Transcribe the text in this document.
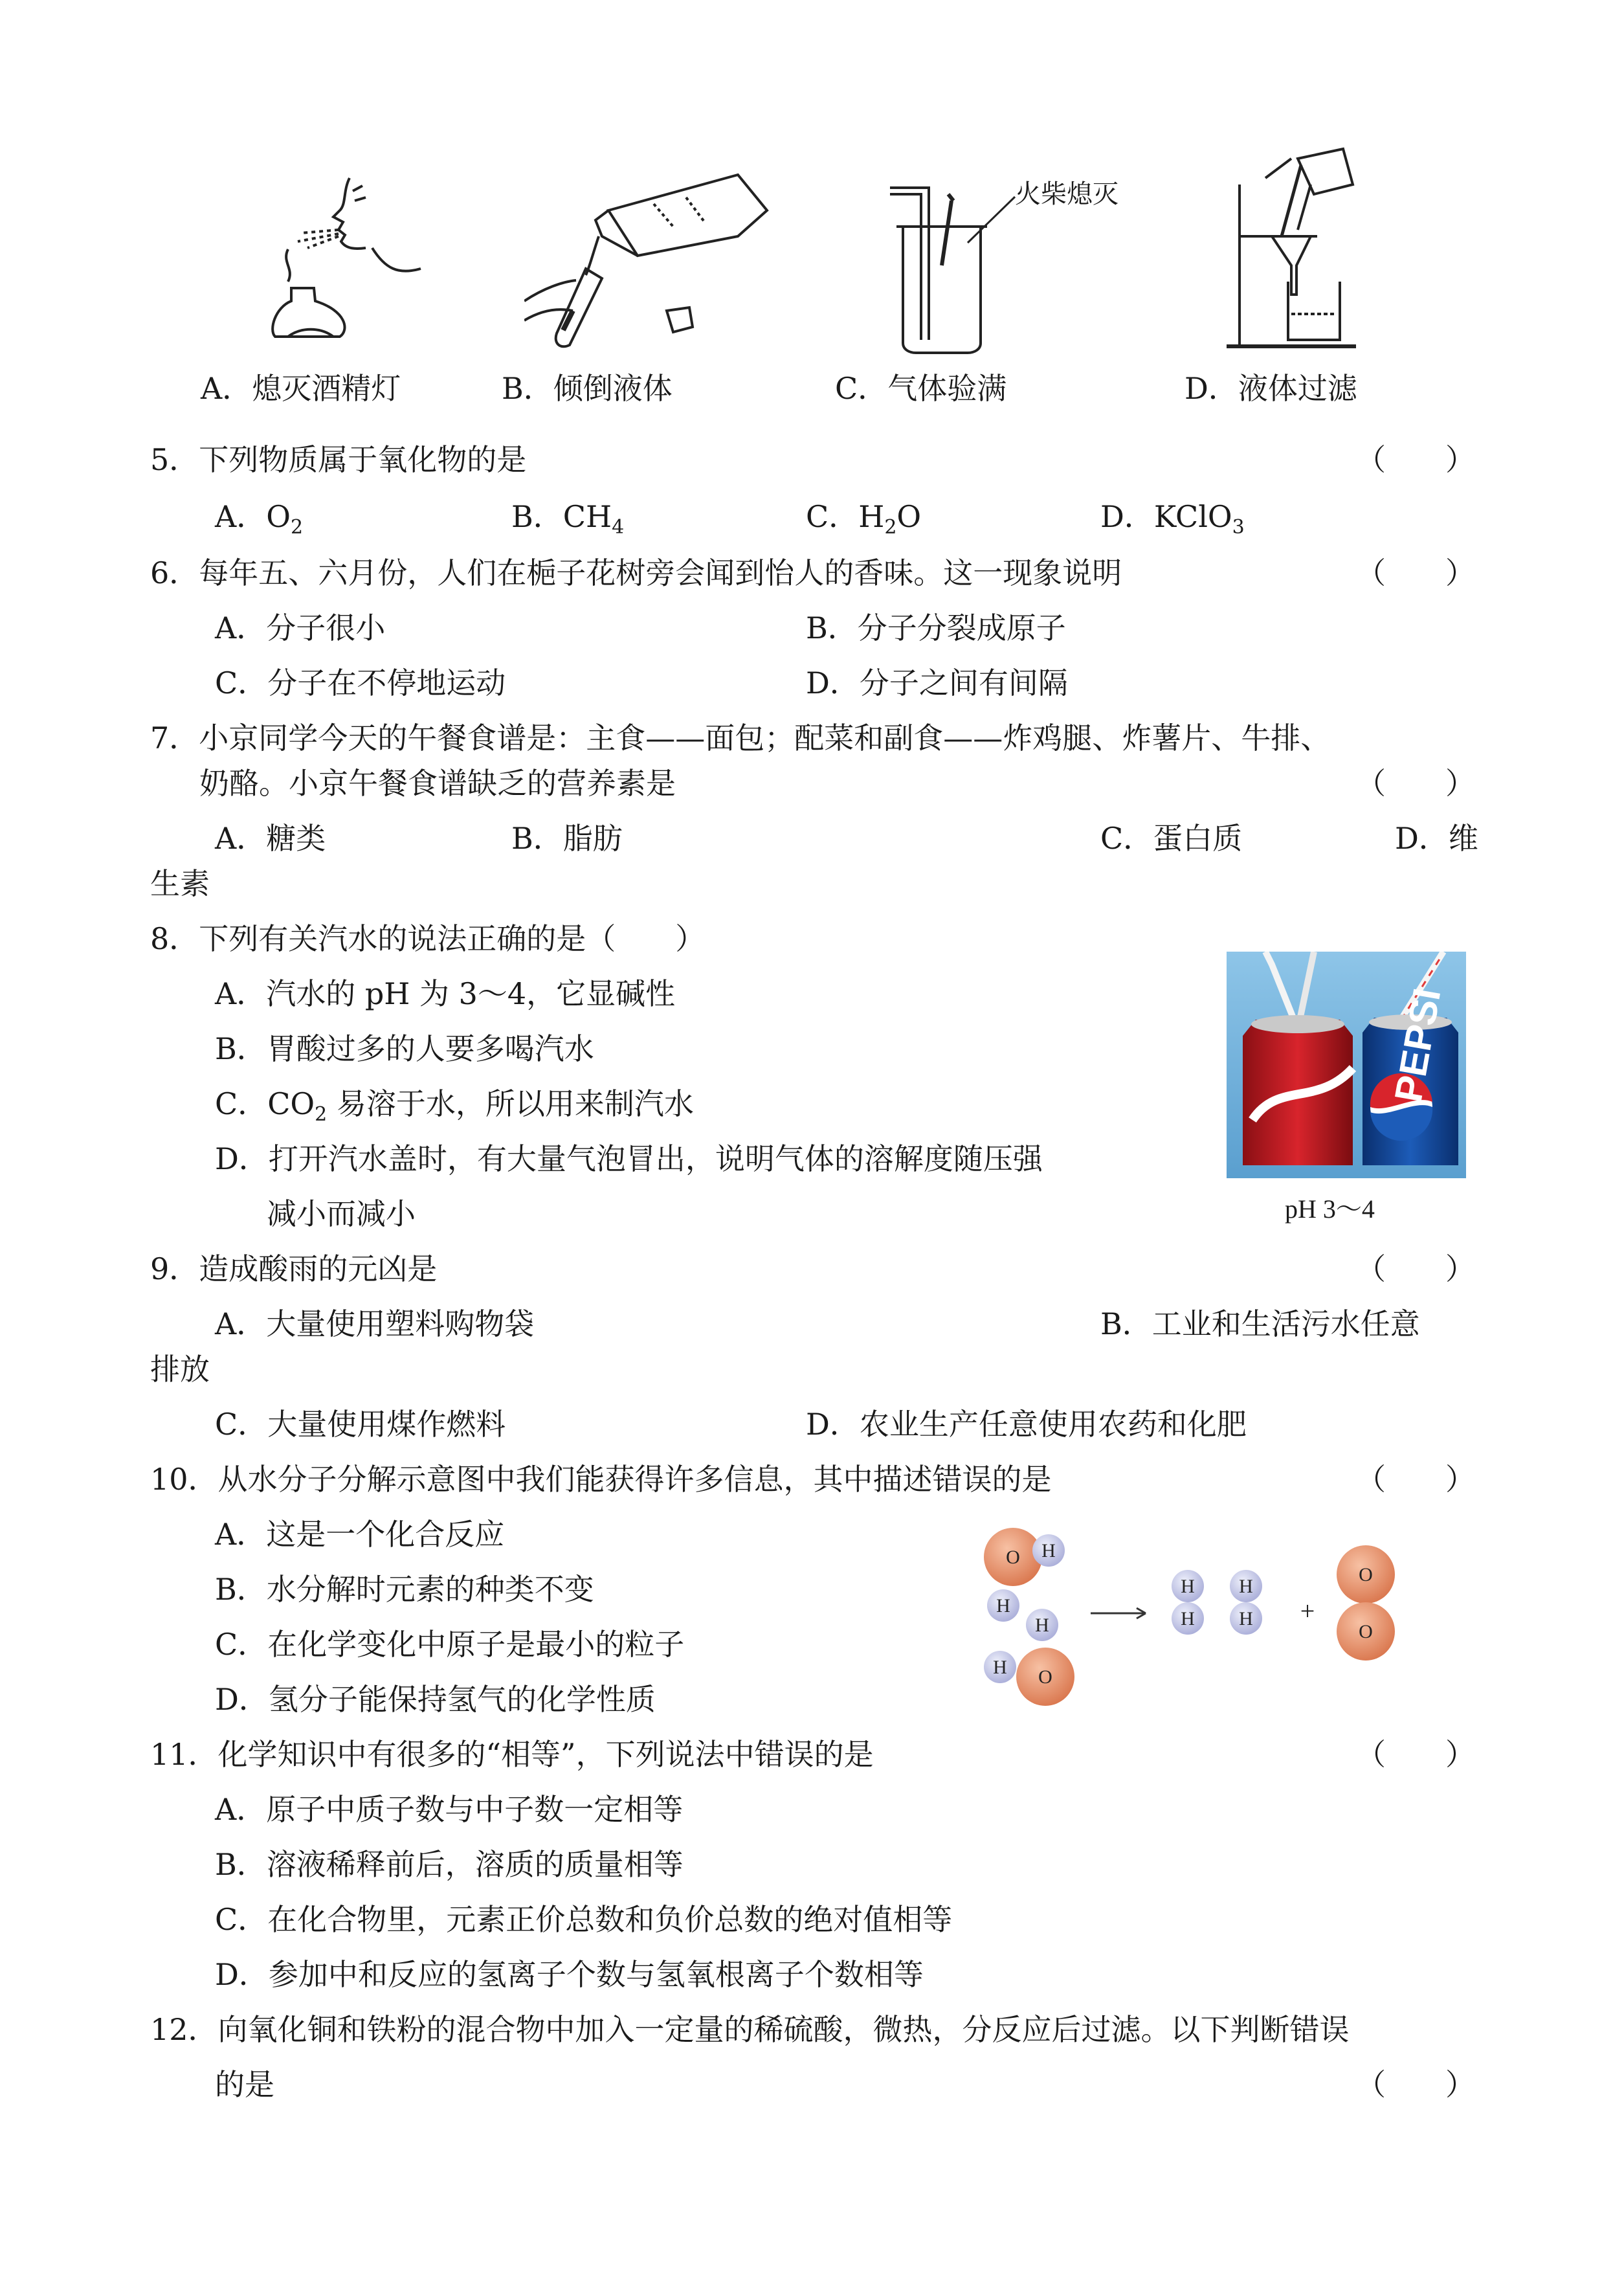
火柴熄灭
A．熄灭酒精灯	B．倾倒液体	C．气体验满	D．液体过滤
5．下列物质属于氧化物的是	（　　）
A．$O_2$	B．$CH_4$	C．$H_2O$	D．KClO$_3$
6．每年五、六月份，人们在梔子花树旁会闻到怡人的香味。这一现象说明	（　　）
A．分子很小	B．分子分裂成原子
C．分子在不停地运动	D．分子之间有间隔
7．小京同学今天的午餐食谱是：主食——面包；配菜和副食——炸鸡腿、炸薯片、牛排、
奶酪。小京午餐食谱缺乏的营养素是	（　　）
A．糖类	B．脂肪	C．蛋白质	D．维
生素
8．下列有关汽水的说法正确的是（　　）
A．汽水的 pH 为 3～4，它显碱性
B．胃酸过多的人要多喝汽水
C．$CO_2$ 易溶于水，所以用来制汽水
D．打开汽水盖时，有大量气泡冒出，说明气体的溶解度随压强
减小而减小
PEPSI
pH 3～4
9．造成酸雨的元凶是	（　　）
A．大量使用塑料购物袋	B．工业和生活污水任意
排放
C．大量使用煤作燃料	D．农业生产任意使用农药和化肥
10．从水分子分解示意图中我们能获得许多信息，其中描述错误的是	（　　）
A．这是一个化合反应
B．水分解时元素的种类不变
C．在化学变化中原子是最小的粒子
D．氢分子能保持氢气的化学性质
O H
H
H
O
H
H
H
H
H +
O
O
11．化学知识中有很多的“相等”，下列说法中错误的是	（　　）
A．原子中质子数与中子数一定相等
B．溶液稀释前后，溶质的质量相等
C．在化合物里，元素正价总数和负价总数的绝对值相等
D．参加中和反应的氢离子个数与氢氧根离子个数相等
12．向氧化铜和铁粉的混合物中加入一定量的稀硫酸，微热，分反应后过滤。以下判断错误
的是	（　　）
